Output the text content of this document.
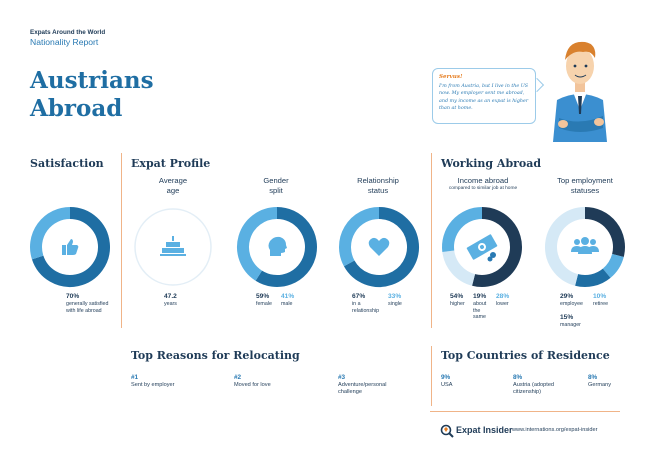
Expats Around the World
Nationality Report
Austrians
Abroad
Servus!
I'm from Austria, but I live in the US now. My employer sent me abroad, and my income as an expat is higher than at home.
Satisfaction
70%
generally satisfied with life abroad
Expat Profile
Average
age
47.2
years
Gender
split
59%
female
41%
male
Relationship
status
67%
in a relationship
33%
single
Working Abroad
Income abroad
compared to similar job at home
54%
higher
19%
about the same
28%
lower
Top employment
statuses
29%
employee
10%
retiree
15%
manager
Top Reasons for Relocating
#1
Sent by employer
#2
Moved for love
#3
Adventure/personal challenge
Top Countries of Residence
9%
USA
8%
Austria (adopted citizenship)
8%
Germany
Expat Insider www.internations.org/expat-insider
